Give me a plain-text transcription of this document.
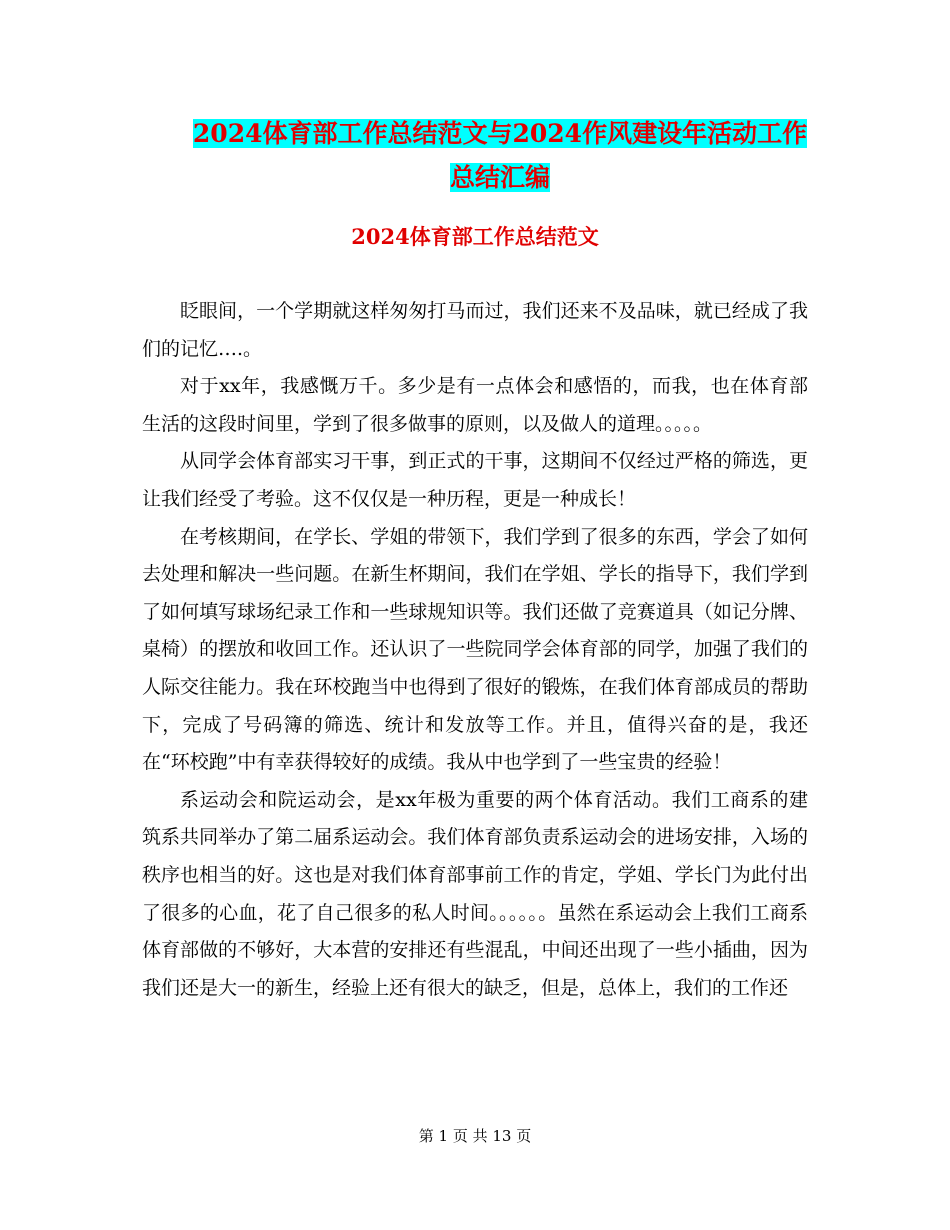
2024体育部工作总结范文与2024作风建设年活动工作
总结汇编
2024体育部工作总结范文

眨眼间，一个学期就这样匆匆打马而过，我们还来不及品味，就已经成了我们的记忆….。

对于xx年，我感慨万千。多少是有一点体会和感悟的，而我，也在体育部生活的这段时间里，学到了很多做事的原则，以及做人的道理。。。。。

从同学会体育部实习干事，到正式的干事，这期间不仅经过严格的筛选，更让我们经受了考验。这不仅仅是一种历程，更是一种成长！

在考核期间，在学长、学姐的带领下，我们学到了很多的东西，学会了如何去处理和解决一些问题。在新生杯期间，我们在学姐、学长的指导下，我们学到了如何填写球场纪录工作和一些球规知识等。我们还做了竞赛道具（如记分牌、桌椅）的摆放和收回工作。还认识了一些院同学会体育部的同学，加强了我们的人际交往能力。我在环校跑当中也得到了很好的锻炼，在我们体育部成员的帮助下，完成了号码簿的筛选、统计和发放等工作。并且，值得兴奋的是，我还在“环校跑”中有幸获得较好的成绩。我从中也学到了一些宝贵的经验！

系运动会和院运动会，是xx年极为重要的两个体育活动。我们工商系的建筑系共同举办了第二届系运动会。我们体育部负责系运动会的进场安排，入场的秩序也相当的好。这也是对我们体育部事前工作的肯定，学姐、学长门为此付出了很多的心血，花了自己很多的私人时间。。。。。。虽然在系运动会上我们工商系体育部做的不够好，大本营的安排还有些混乱，中间还出现了一些小插曲，因为我们还是大一的新生，经验上还有很大的缺乏，但是，总体上，我们的工作还

第 1 页 共 13 页
